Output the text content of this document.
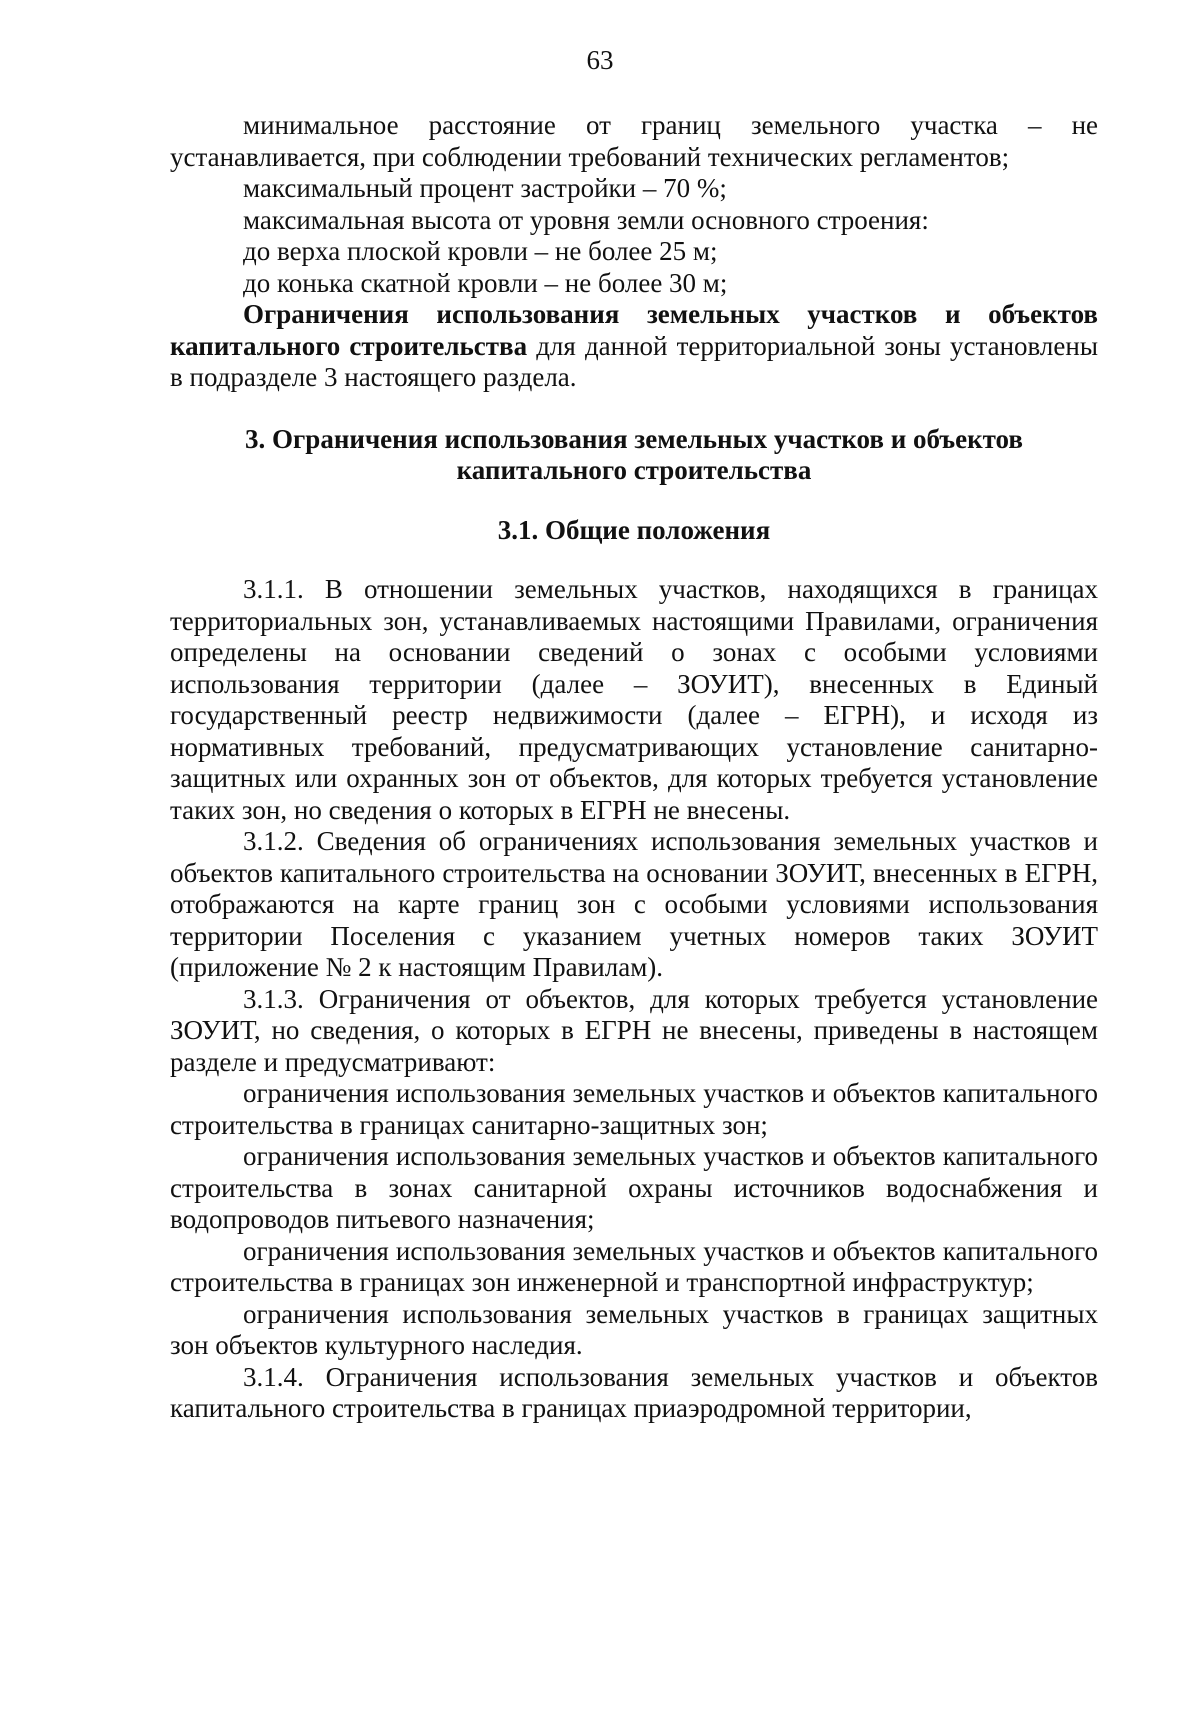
63

минимальное расстояние от границ земельного участка – не устанавливается, при соблюдении требований технических регламентов;

максимальный процент застройки – 70 %;

максимальная высота от уровня земли основного строения:

до верха плоской кровли – не более 25 м;

до конька скатной кровли – не более 30 м;

Ограничения использования земельных участков и объектов капитального строительства для данной территориальной зоны установлены в подразделе 3 настоящего раздела.

3. Ограничения использования земельных участков и объектов
капитального строительства
3.1. Общие положения

3.1.1. В отношении земельных участков, находящихся в границах территориальных зон, устанавливаемых настоящими Правилами, ограничения определены на основании сведений о зонах с особыми условиями использования территории (далее – ЗОУИТ), внесенных в Единый государственный реестр недвижимости (далее – ЕГРН), и исходя из нормативных требований, предусматривающих установление санитарно-защитных или охранных зон от объектов, для которых требуется установление таких зон, но сведения о которых в ЕГРН не внесены.

3.1.2. Сведения об ограничениях использования земельных участков и объектов капитального строительства на основании ЗОУИТ, внесенных в ЕГРН, отображаются на карте границ зон с особыми условиями использования территории Поселения с указанием учетных номеров таких ЗОУИТ (приложение № 2 к настоящим Правилам).

3.1.3. Ограничения от объектов, для которых требуется установление ЗОУИТ, но сведения, о которых в ЕГРН не внесены, приведены в настоящем разделе и предусматривают:

ограничения использования земельных участков и объектов капитального строительства в границах санитарно-защитных зон;

ограничения использования земельных участков и объектов капитального строительства в зонах санитарной охраны источников водоснабжения и водопроводов питьевого назначения;

ограничения использования земельных участков и объектов капитального строительства в границах зон инженерной и транспортной инфраструктур;

ограничения использования земельных участков в границах защитных зон объектов культурного наследия.

3.1.4. Ограничения использования земельных участков и объектов капитального строительства в границах приаэродромной территории,
